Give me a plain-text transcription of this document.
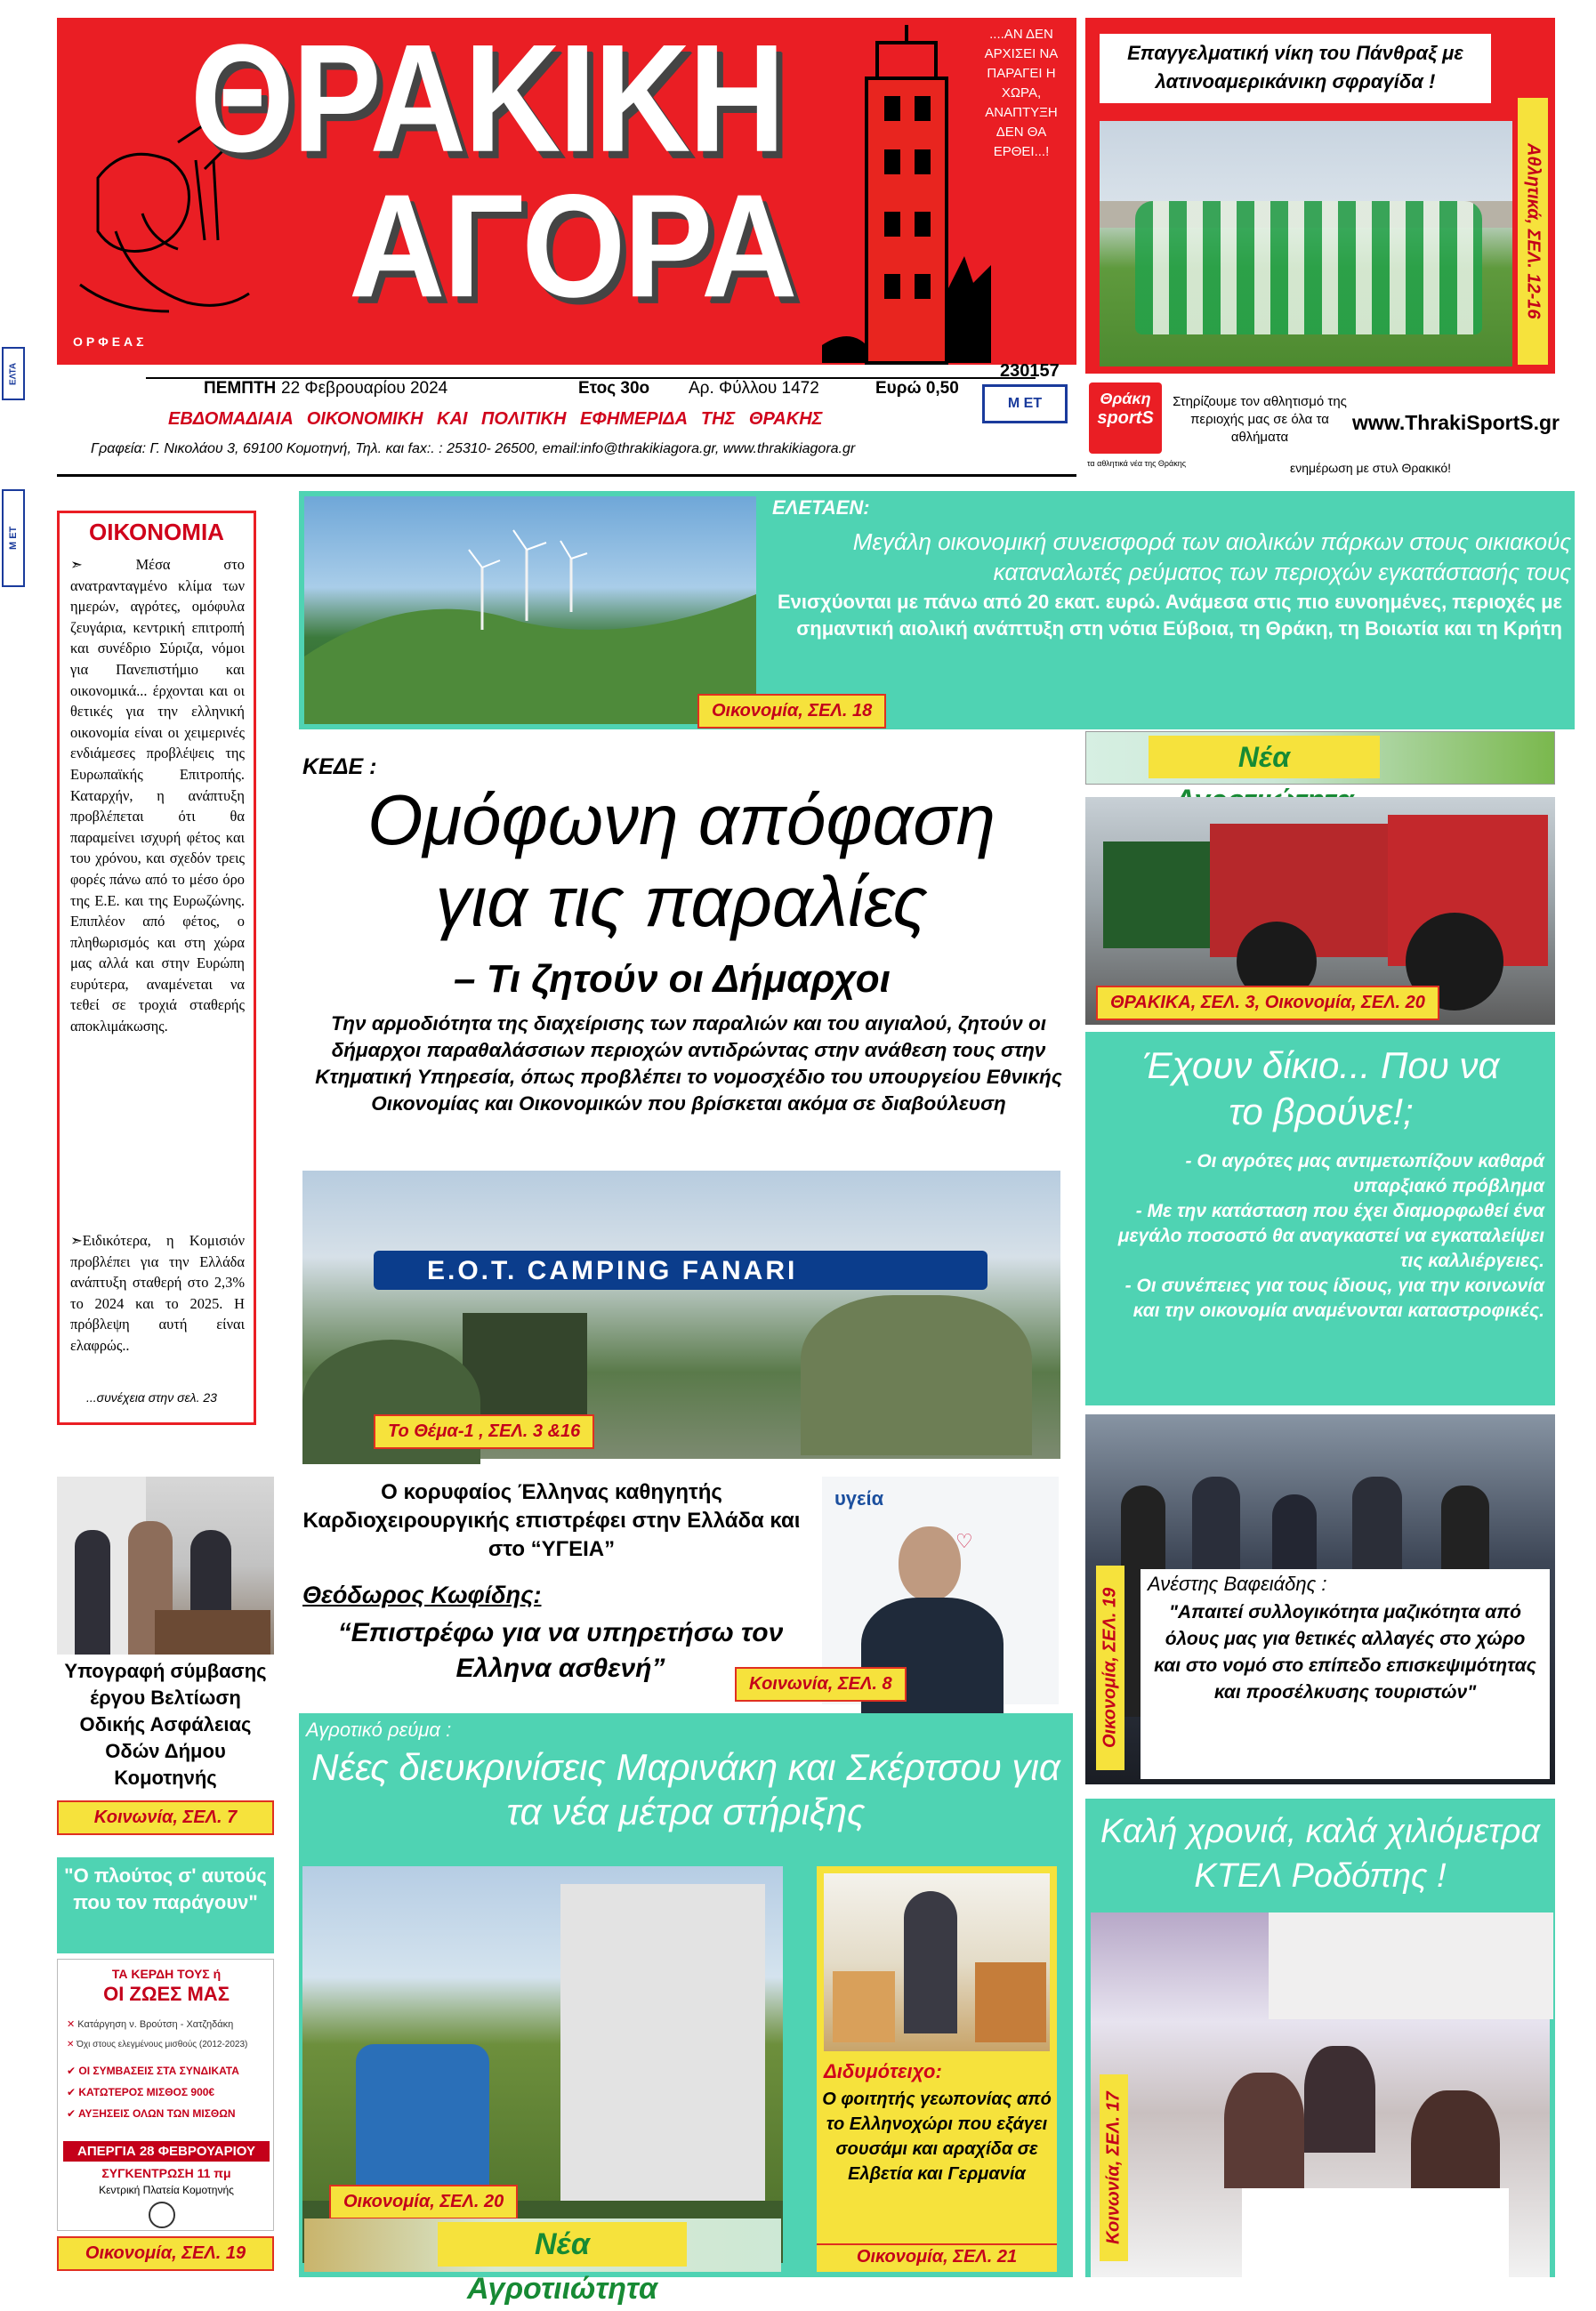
ΟΡΦΕΑΣ
ΘΡΑΚΙΚΗ
ΑΓΟΡΑ
....ΑΝ ΔΕΝ ΑΡΧΙΣΕΙ ΝΑ ΠΑΡΑΓΕΙ Η ΧΩΡΑ, ΑΝΑΠΤΥΞΗ ΔΕΝ ΘΑ ΕΡΘΕΙ...!
ΠΕΜΠΤΗ 22 Φεβρουαρίου 2024	Ετος 30ο Αρ. Φύλλου 1472	Ευρώ 0,50
230157
Μ ET
ΕΒΔΟΜΑΔΙΑΙΑ ΟΙΚΟΝΟΜΙΚΗ ΚΑΙ ΠΟΛΙΤΙΚΗ ΕΦΗΜΕΡΙΔΑ ΤΗΣ ΘΡΑΚΗΣ
Γραφεία: Γ. Νικολάου 3, 69100 Κομοτηνή, Τηλ. και fax:. : 25310- 26500, email:info@thrakikiagora.gr, www.thrakikiagora.gr
ΕΛΤΑ
Μ ΕΤ
Επαγγελματική νίκη του Πάνθραξ με λατινοαμερικάνικη σφραγίδα !
Αθλητικά, ΣΕΛ. 12-16
Θράκη
sportS
τα αθλητικά νέα της Θράκης
Στηρίζουμε τον αθλητισμό της περιοχής μας σε όλα τα αθλήματα
www.ThrakiSportS.gr
ενημέρωση με στυλ Θρακικό!
ΟΙΚΟΝΟΜΙΑ
➣ Μέσα στο ανατρανταγμένο κλίμα των ημερών, αγρότες, ομόφυλα ζευγάρια, κεντρική επιτροπή και συνέδριο Σύριζα, νόμοι για Πανεπιστήμιο και οικονομικά... έρχονται και οι θετικές για την ελληνική οικονομία είναι οι χειμερινές ενδιάμεσες προβλέψεις της Ευρωπαϊκής Επιτροπής. Καταρχήν, η ανάπτυξη προβλέπεται ότι θα παραμείνει ισχυρή φέτος και του χρόνου, και σχεδόν τρεις φορές πάνω από το μέσο όρο της Ε.Ε. και της Ευρωζώνης. Επιπλέον από φέτος, ο πληθωρισμός και στη χώρα μας αλλά και στην Ευρώπη ευρύτερα, αναμένεται να τεθεί σε τροχιά σταθερής αποκλιμάκωσης.
➣Ειδικότερα, η Κομισιόν προβλέπει για την Ελλάδα ανάπτυξη σταθερή στο 2,3% το 2024 και το 2025. Η πρόβλεψη αυτή είναι ελαφρώς..
...συνέχεια στην σελ. 23
ΕΛΕΤΑΕΝ:
Μεγάλη οικονομική συνεισφορά των αιολικών πάρκων στους οικιακούς καταναλωτές ρεύματος των περιοχών εγκατάστασής τους
Ενισχύονται με πάνω από 20 εκατ. ευρώ. Ανάμεσα στις πιο ευνοημένες, περιοχές με σημαντική αιολική ανάπτυξη στη νότια Εύβοια, τη Θράκη, τη Βοιωτία και τη Κρήτη
Οικονομία, ΣΕΛ. 18
ΚΕΔΕ :
Ομόφωνη απόφαση
για τις παραλίες
– Τι ζητούν οι Δήμαρχοι
Την αρμοδιότητα της διαχείρισης των παραλιών και του αιγιαλού, ζητούν οι δήμαρχοι παραθαλάσσιων περιοχών αντιδρώντας στην ανάθεση τους στην Κτηματική Υπηρεσία, όπως προβλέπει το νομοσχέδιο του υπουργείου Εθνικής Οικονομίας και Οικονομικών που βρίσκεται ακόμα σε διαβούλευση
E.O.T. CAMPING FANARI
Το Θέμα-1 , ΣΕΛ. 3 &16
Νέα
ΘΡΑΚΙΚΑ, ΣΕΛ. 3, Οικονομία, ΣΕΛ. 20
Έχουν δίκιο... Που να το βρούνε!;
- Οι αγρότες μας αντιμετωπίζουν καθαρά υπαρξιακό πρόβλημα
- Με την κατάσταση που έχει διαμορφωθεί ένα μεγάλο ποσοστό θα αναγκαστεί να εγκαταλείψει τις καλλιέργειες.
- Οι συνέπειες για τους ίδιους, για την κοινωνία και την οικονομία αναμένονται καταστροφικές.
Υπογραφή σύμβασης έργου Βελτίωση Οδικής Ασφάλειας Οδών Δήμου Κομοτηνής
Κοινωνία, ΣΕΛ. 7
"Ο πλούτος σ' αυτούς που τον παράγουν"
ΤΑ ΚΕΡΔΗ ΤΟΥΣ ή
ΟΙ ΖΩΕΣ ΜΑΣ
✕ Κατάργηση ν. Βρούτση - Χατζηδάκη
✕ Όχι στους ελεγμένους μισθούς (2012-2023)
✔ ΟΙ ΣΥΜΒΑΣΕΙΣ ΣΤΑ ΣΥΝΔΙΚΑΤΑ
✔ ΚΑΤΩΤΕΡΟΣ ΜΙΣΘΟΣ 900€
✔ ΑΥΞΗΣΕΙΣ ΟΛΩΝ ΤΩΝ ΜΙΣΘΩΝ
ΑΠΕΡΓΙΑ 28 ΦΕΒΡΟΥΑΡΙΟΥ
ΣΥΓΚΕΝΤΡΩΣΗ 11 πμ
Κεντρική Πλατεία Κομοτηνής
Οικονομία, ΣΕΛ. 19
Ο κορυφαίος Έλληνας καθηγητής Καρδιοχειρουργικής επιστρέφει στην Ελλάδα και στο “ΥΓΕΙΑ”
Θεόδωρος Κωφίδης:
“Επιστρέφω για να υπηρετήσω τον Ελληνα ασθενή”
υγεία
♡
Κοινωνία, ΣΕΛ. 8	Οικονομία, ΣΕΛ. 19
Ανέστης Βαφειάδης :
"Απαιτεί συλλογικότητα μαζικότητα από όλους μας για θετικές αλλαγές στο χώρο και στο νομό στο επίπεδο επισκεψιμότητας και προσέλκυσης τουριστών"
Αγροτικό ρεύμα :
Νέες διευκρινίσεις Μαρινάκη και Σκέρτσου για τα νέα μέτρα στήριξης
Οικονομία, ΣΕΛ. 20
Νέα Αγροτιιώτητα
Διδυμότειχο:
Ο φοιτητής γεωπονίας από το Ελληνοχώρι που εξάγει σουσάμι και αραχίδα σε Ελβετία και Γερμανία
Οικονομία, ΣΕΛ. 21
Καλή χρονιά, καλά χιλιόμετρα ΚΤΕΛ Ροδόπης !
Κοινωνία, ΣΕΛ. 17
